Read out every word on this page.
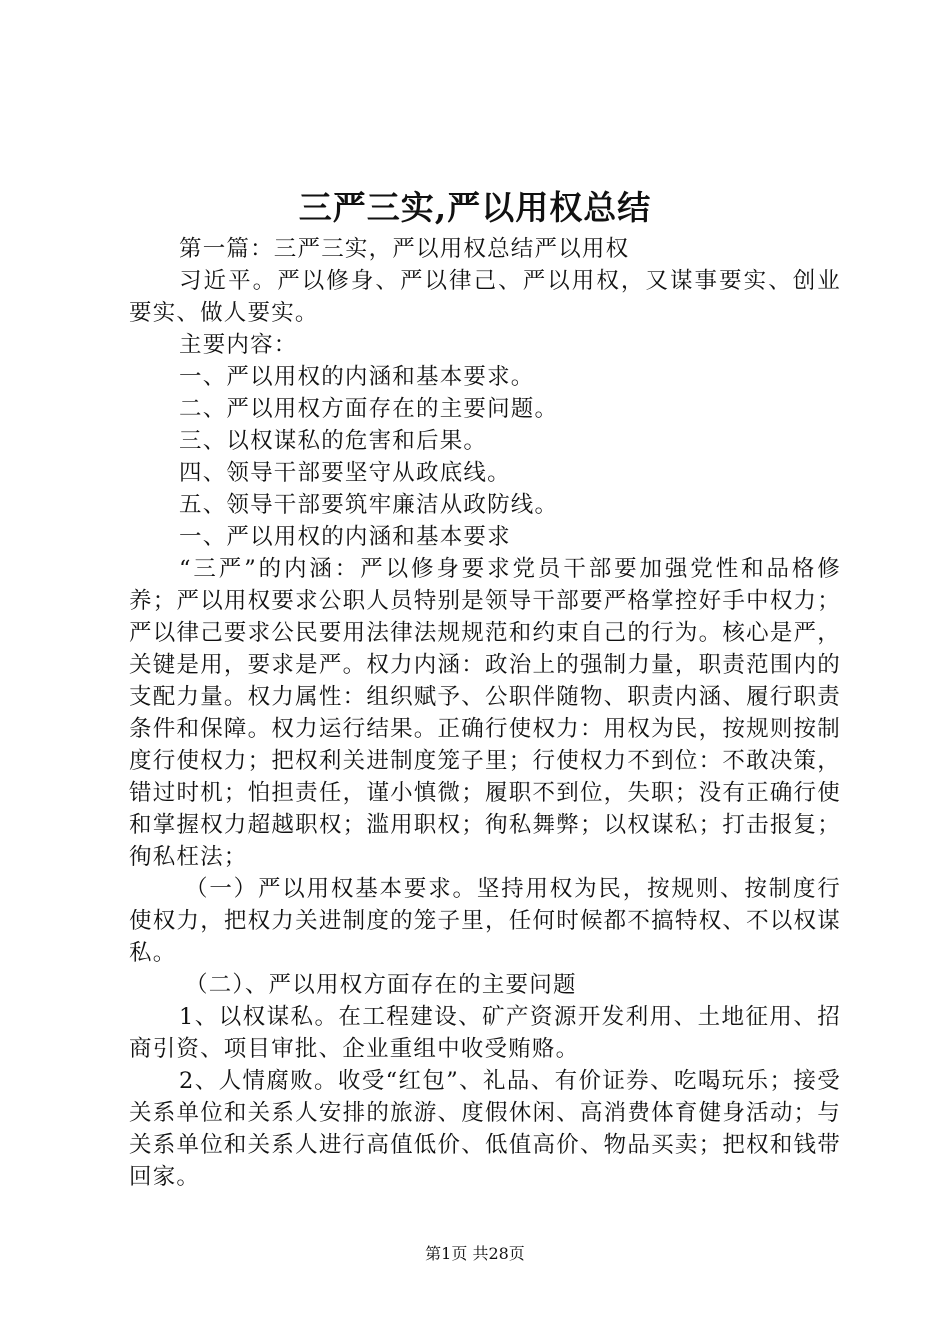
三严三实,严以用权总结

第一篇：三严三实，严以用权总结严以用权

习近平。严以修身、严以律己、严以用权，又谋事要实、创业要实、做人要实。

主要内容：

一、严以用权的内涵和基本要求。

二、严以用权方面存在的主要问题。

三、以权谋私的危害和后果。

四、领导干部要坚守从政底线。

五、领导干部要筑牢廉洁从政防线。

一、严以用权的内涵和基本要求

“三严”的内涵：严以修身要求党员干部要加强党性和品格修养；严以用权要求公职人员特别是领导干部要严格掌控好手中权力；严以律己要求公民要用法律法规规范和约束自己的行为。核心是严，关键是用，要求是严。权力内涵：政治上的强制力量，职责范围内的支配力量。权力属性：组织赋予、公职伴随物、职责内涵、履行职责条件和保障。权力运行结果。正确行使权力：用权为民，按规则按制度行使权力；把权利关进制度笼子里；行使权力不到位：不敢决策，错过时机；怕担责任，谨小慎微；履职不到位，失职；没有正确行使和掌握权力超越职权；滥用职权；徇私舞弊；以权谋私；打击报复；徇私枉法；

（一）严以用权基本要求。坚持用权为民，按规则、按制度行使权力，把权力关进制度的笼子里，任何时候都不搞特权、不以权谋私。

（二）、严以用权方面存在的主要问题

1、以权谋私。在工程建设、矿产资源开发利用、土地征用、招商引资、项目审批、企业重组中收受贿赂。

2、人情腐败。收受“红包”、礼品、有价证券、吃喝玩乐；接受关系单位和关系人安排的旅游、度假休闲、高消费体育健身活动；与关系单位和关系人进行高值低价、低值高价、物品买卖；把权和钱带回家。

第1页 共28页
